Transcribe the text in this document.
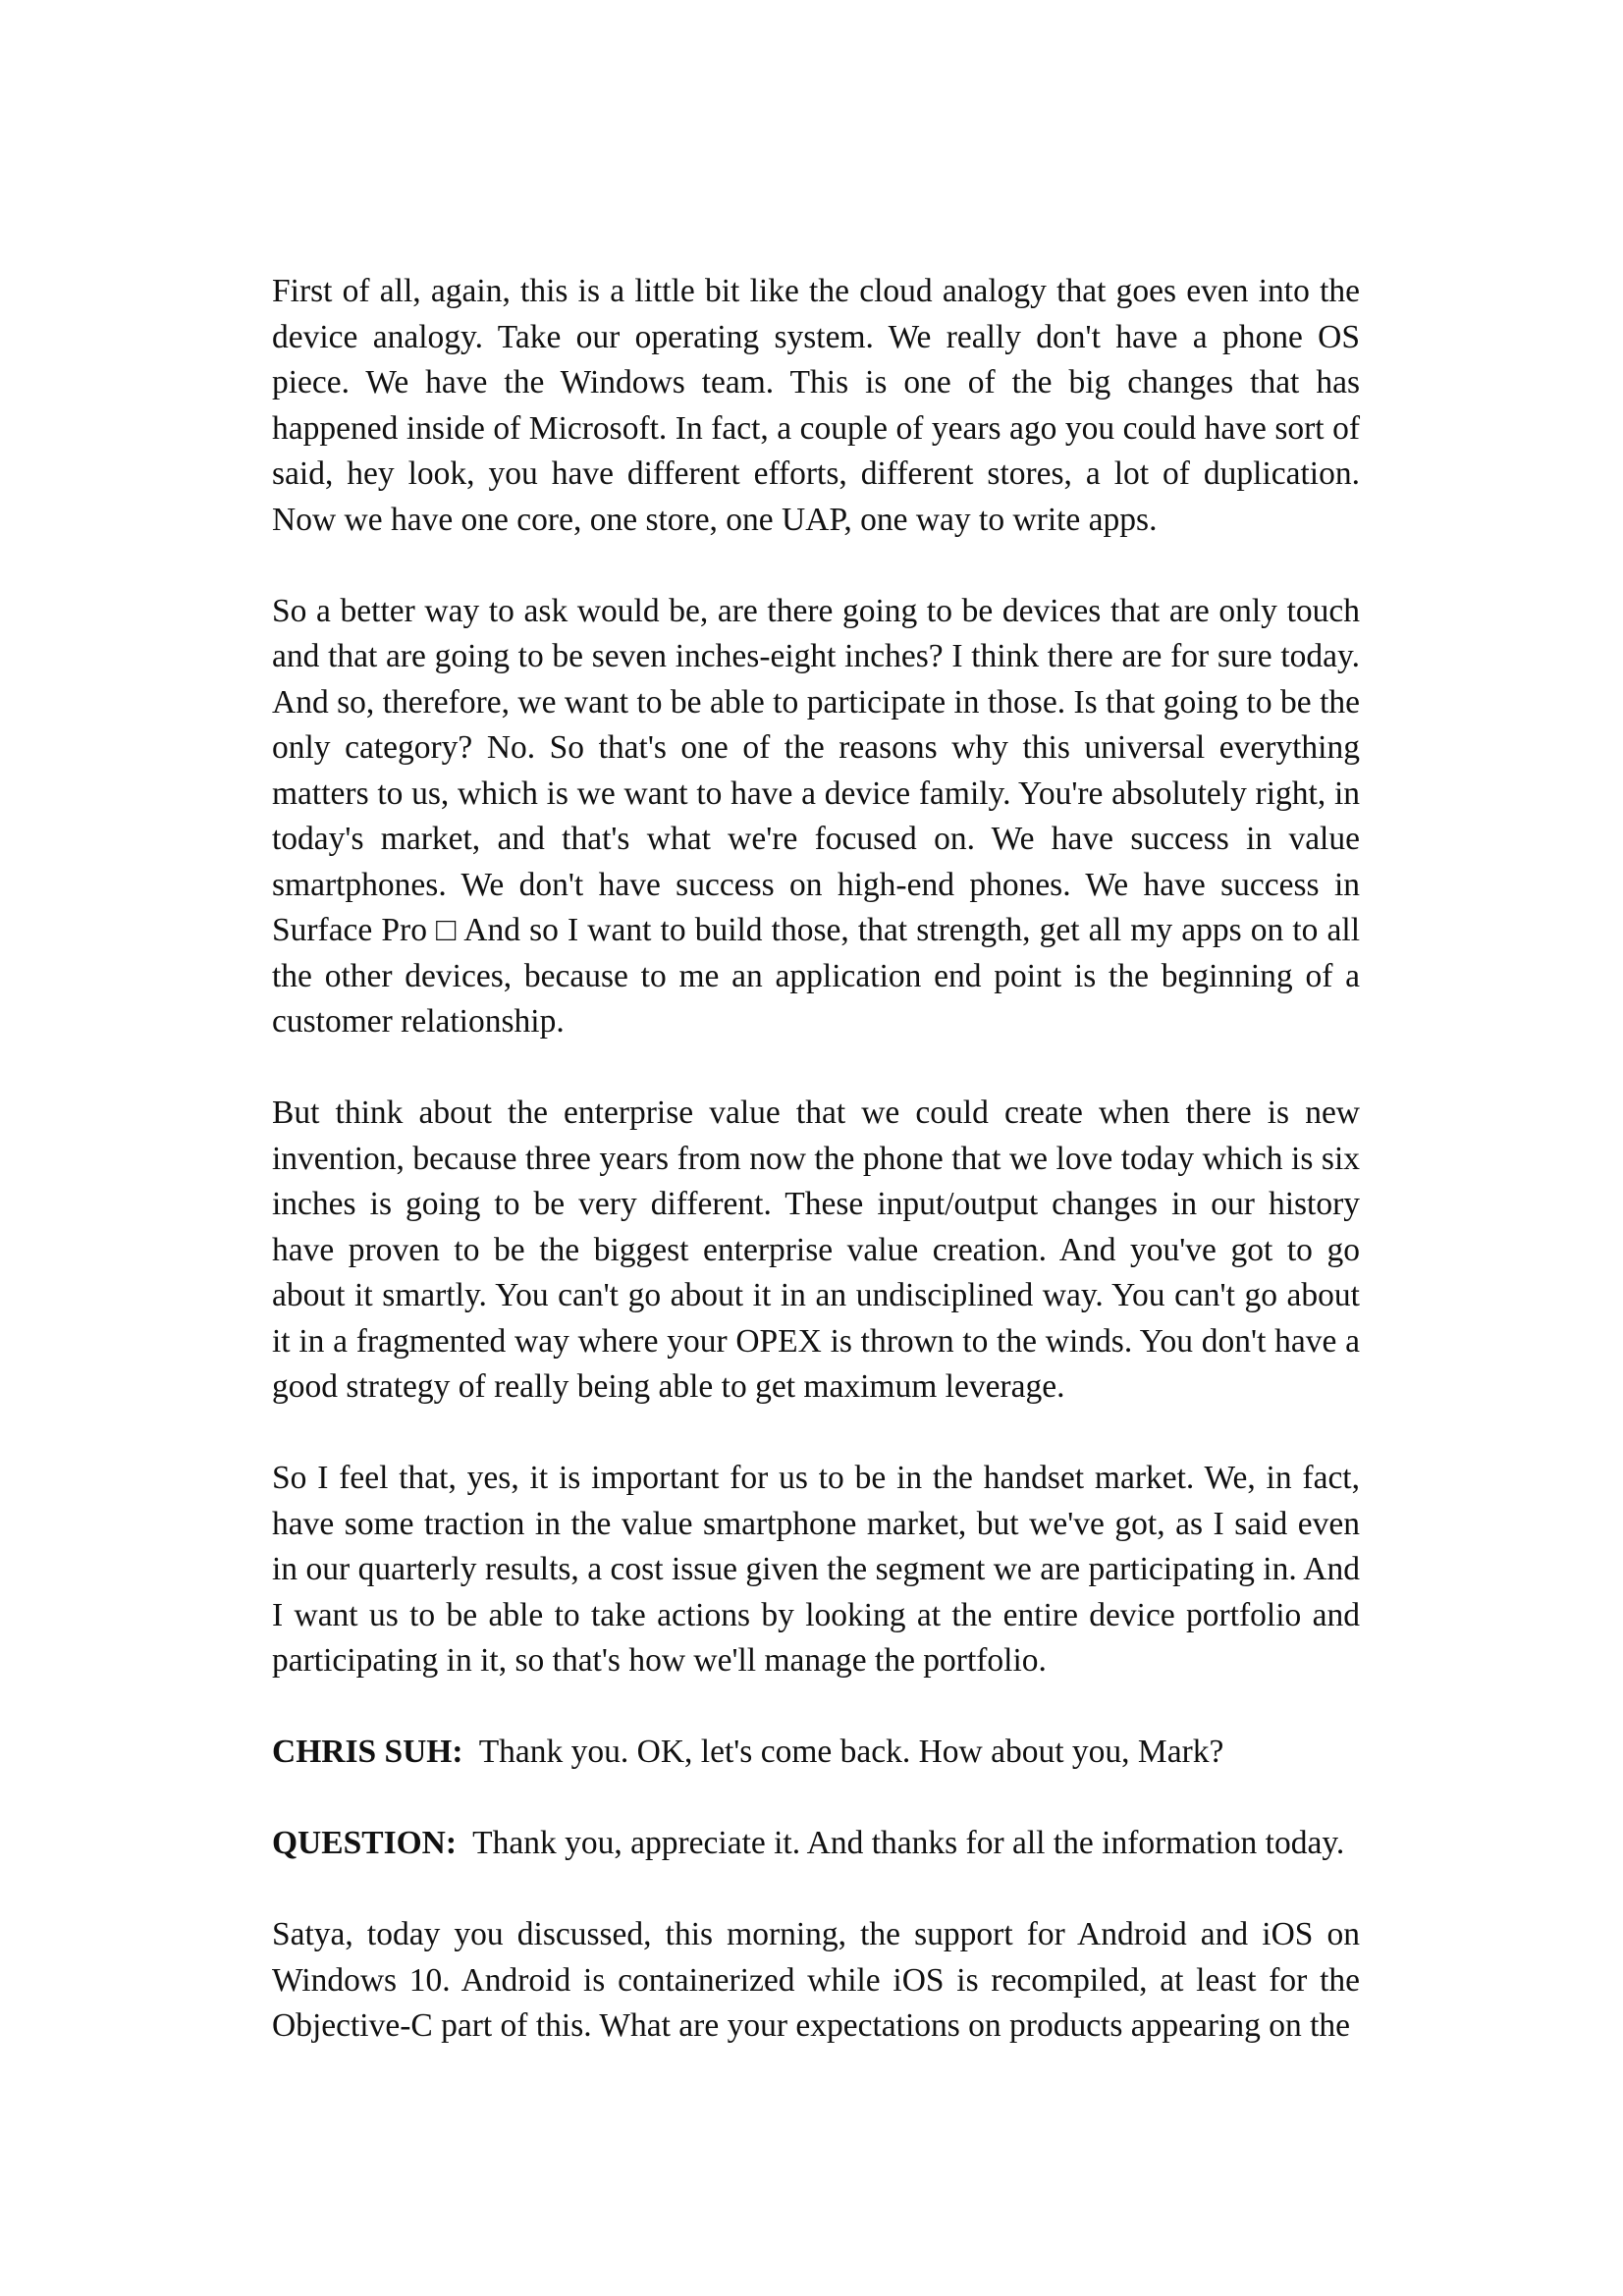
First of all, again, this is a little bit like the cloud analogy that goes even into the device analogy. Take our operating system. We really don't have a phone OS piece. We have the Windows team. This is one of the big changes that has happened inside of Microsoft. In fact, a couple of years ago you could have sort of said, hey look, you have different efforts, different stores, a lot of duplication. Now we have one core, one store, one UAP, one way to write apps.

So a better way to ask would be, are there going to be devices that are only touch and that are going to be seven inches-eight inches? I think there are for sure today. And so, therefore, we want to be able to participate in those. Is that going to be the only category? No. So that's one of the reasons why this universal everything matters to us, which is we want to have a device family. You're absolutely right, in today's market, and that's what we're focused on. We have success in value smartphones. We don't have success on high-end phones. We have success in Surface Pro □ And so I want to build those, that strength, get all my apps on to all the other devices, because to me an application end point is the beginning of a customer relationship.

But think about the enterprise value that we could create when there is new invention, because three years from now the phone that we love today which is six inches is going to be very different. These input/output changes in our history have proven to be the biggest enterprise value creation. And you've got to go about it smartly. You can't go about it in an undisciplined way. You can't go about it in a fragmented way where your OPEX is thrown to the winds. You don't have a good strategy of really being able to get maximum leverage.

So I feel that, yes, it is important for us to be in the handset market. We, in fact, have some traction in the value smartphone market, but we've got, as I said even in our quarterly results, a cost issue given the segment we are participating in. And I want us to be able to take actions by looking at the entire device portfolio and participating in it, so that's how we'll manage the portfolio.

CHRIS SUH: Thank you. OK, let's come back. How about you, Mark?

QUESTION: Thank you, appreciate it. And thanks for all the information today.

Satya, today you discussed, this morning, the support for Android and iOS on Windows 10. Android is containerized while iOS is recompiled, at least for the Objective-C part of this. What are your expectations on products appearing on the
